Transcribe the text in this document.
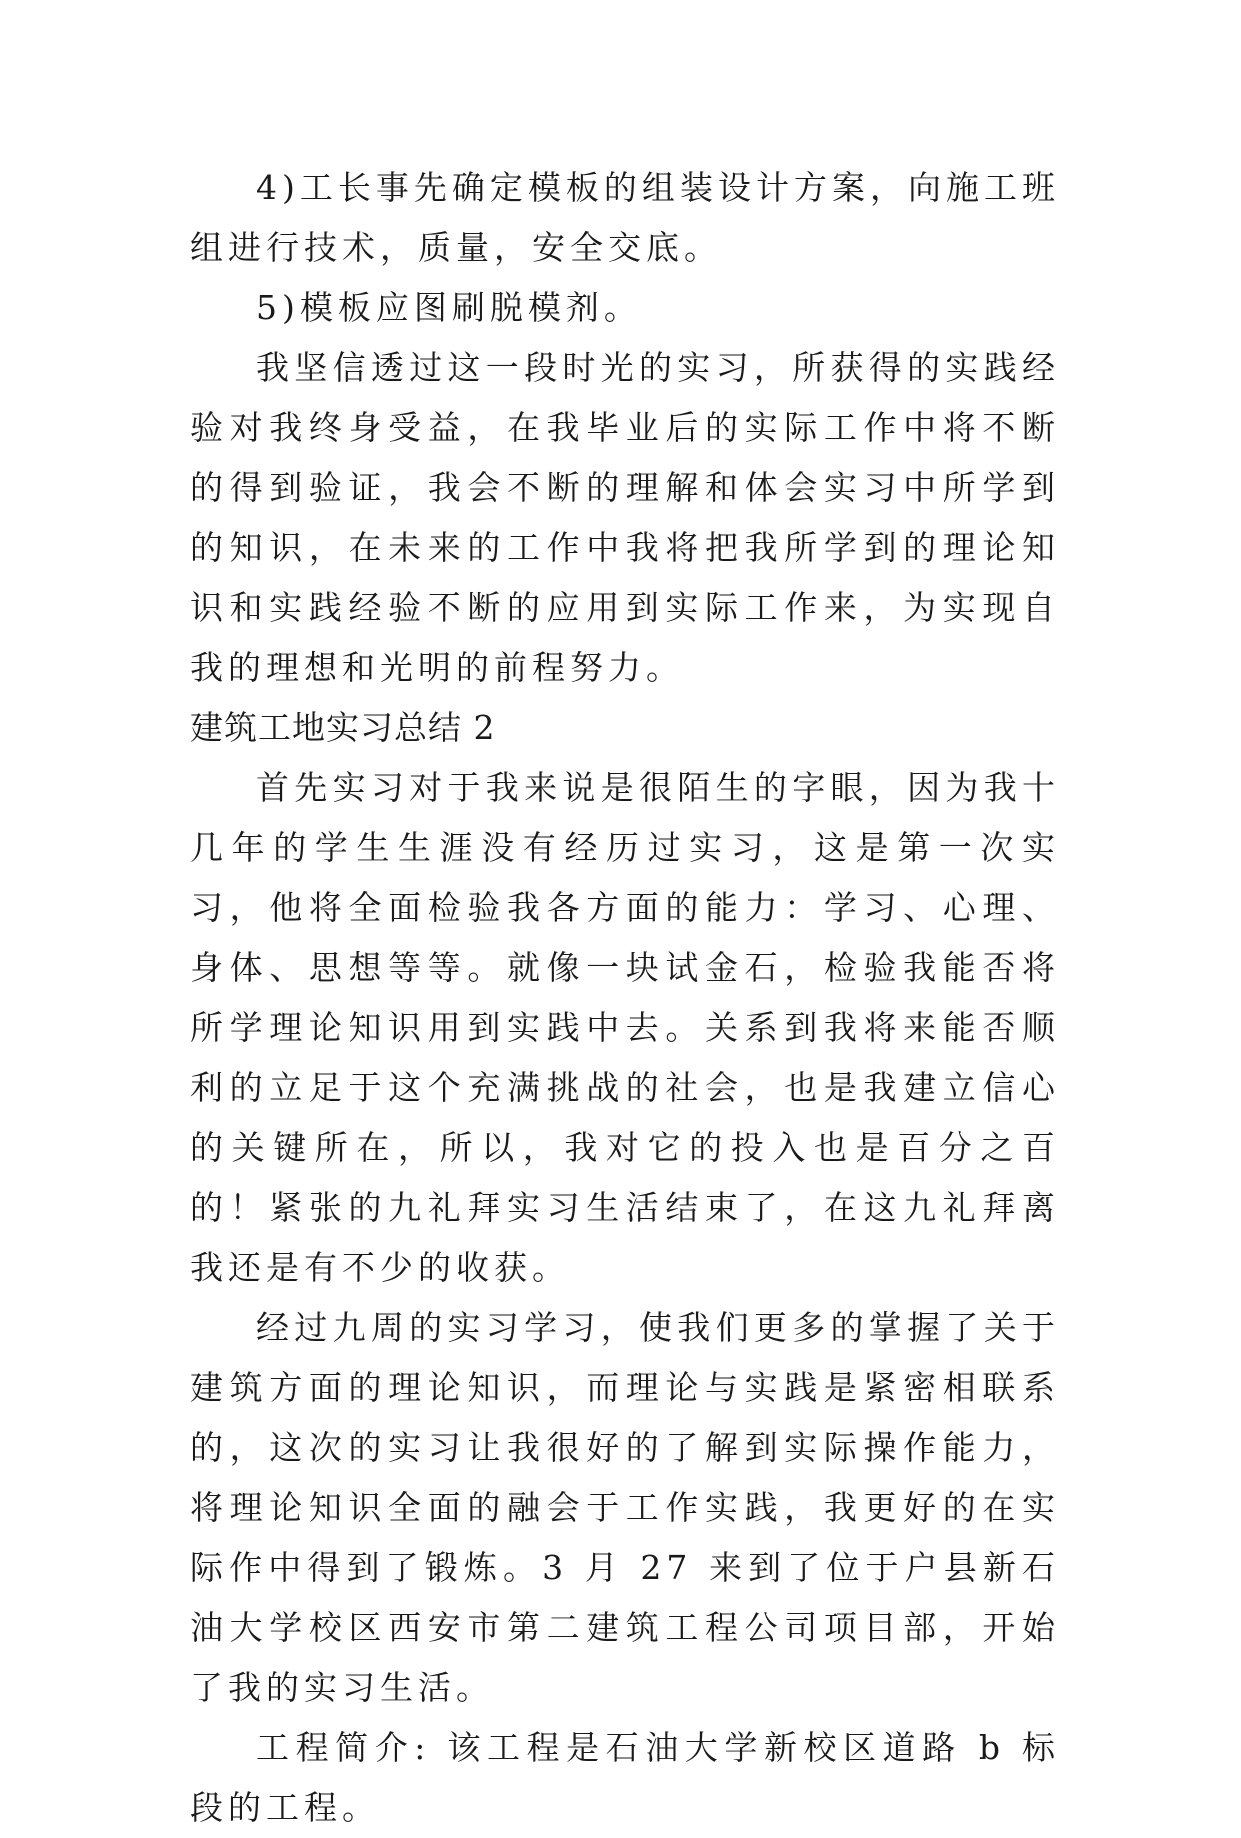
4)工长事先确定模板的组装设计方案，向施工班组进行技术，质量，安全交底。

5)模板应图刷脱模剂。

我坚信透过这一段时光的实习，所获得的实践经验对我终身受益，在我毕业后的实际工作中将不断的得到验证，我会不断的理解和体会实习中所学到的知识，在未来的工作中我将把我所学到的理论知识和实践经验不断的应用到实际工作来，为实现自我的理想和光明的前程努力。

建筑工地实习总结 2

首先实习对于我来说是很陌生的字眼，因为我十几年的学生生涯没有经历过实习，这是第一次实习，他将全面检验我各方面的能力：学习、心理、身体、思想等等。就像一块试金石，检验我能否将所学理论知识用到实践中去。关系到我将来能否顺利的立足于这个充满挑战的社会，也是我建立信心的关键所在，所以，我对它的投入也是百分之百的！紧张的九礼拜实习生活结束了，在这九礼拜离我还是有不少的收获。

经过九周的实习学习，使我们更多的掌握了关于建筑方面的理论知识，而理论与实践是紧密相联系的，这次的实习让我很好的了解到实际操作能力，将理论知识全面的融会于工作实践，我更好的在实际作中得到了锻炼。3 月 27 来到了位于户县新石油大学校区西安市第二建筑工程公司项目部，开始了我的实习生活。

工程简介: 该工程是石油大学新校区道路 b 标段的工程。
